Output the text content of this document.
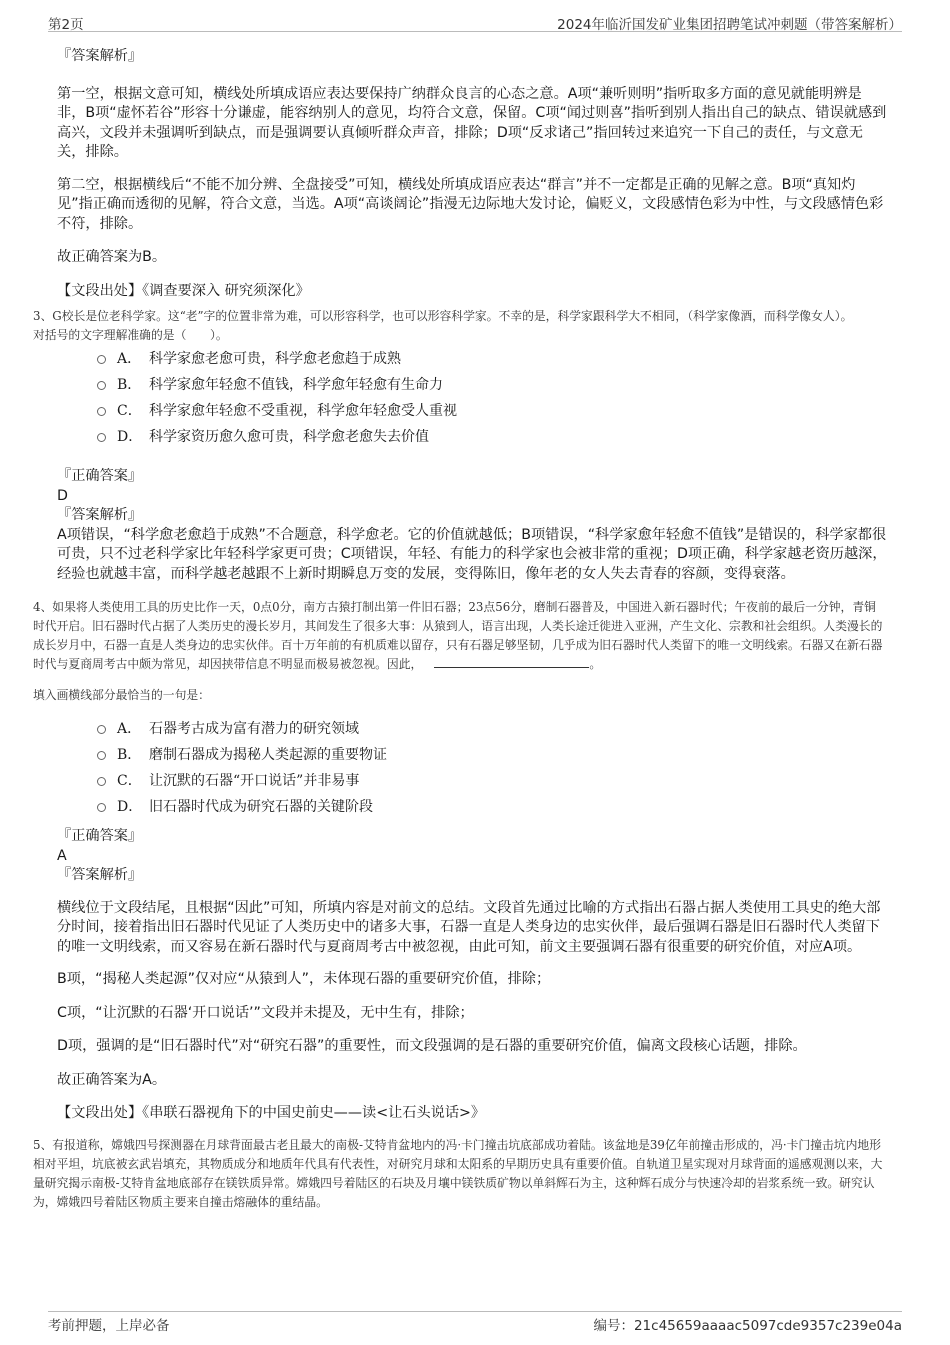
第2页	2024年临沂国发矿业集团招聘笔试冲刺题（带答案解析）

『答案解析』

第一空，根据文意可知，横线处所填成语应表达要保持广纳群众良言的心态之意。A项“兼听则明”指听取多方面的意见就能明辨是非，B项“虚怀若谷”形容十分谦虚，能容纳别人的意见，均符合文意，保留。C项“闻过则喜”指听到别人指出自己的缺点、错误就感到高兴，文段并未强调听到缺点，而是强调要认真倾听群众声音，排除；D项“反求诸己”指回转过来追究一下自己的责任，与文意无关，排除。

第二空，根据横线后“不能不加分辨、全盘接受”可知，横线处所填成语应表达“群言”并不一定都是正确的见解之意。B项“真知灼见”指正确而透彻的见解，符合文意，当选。A项“高谈阔论”指漫无边际地大发讨论，偏贬义，文段感情色彩为中性，与文段感情色彩不符，排除。

故正确答案为B。

【文段出处】《调查要深入 研究须深化》

3、G校长是位老科学家。这“老”字的位置非常为难，可以形容科学，也可以形容科学家。不幸的是，科学家跟科学大不相同，（科学家像酒，而科学像女人）。

对括号的文字理解准确的是（　　）。

A． 科学家愈老愈可贵，科学愈老愈趋于成熟
B． 科学家愈年轻愈不值钱，科学愈年轻愈有生命力
C． 科学家愈年轻愈不受重视，科学愈年轻愈受人重视
D． 科学家资历愈久愈可贵，科学愈老愈失去价值

『正确答案』

D

『答案解析』

A项错误，“科学愈老愈趋于成熟”不合题意，科学愈老。它的价值就越低；B项错误，“科学家愈年轻愈不值钱”是错误的，科学家都很可贵，只不过老科学家比年轻科学家更可贵；C项错误，年轻、有能力的科学家也会被非常的重视；D项正确，科学家越老资历越深，经验也就越丰富，而科学越老越跟不上新时期瞬息万变的发展，变得陈旧，像年老的女人失去青春的容颜，变得衰落。

4、如果将人类使用工具的历史比作一天，0点0分，南方古猿打制出第一件旧石器；23点56分，磨制石器普及，中国进入新石器时代；午夜前的最后一分钟，青铜时代开启。旧石器时代占据了人类历史的漫长岁月，其间发生了很多大事：从猿到人，语言出现，人类长途迁徙进入亚洲，产生文化、宗教和社会组织。人类漫长的成长岁月中，石器一直是人类身边的忠实伙伴。百十万年前的有机质难以留存，只有石器足够坚韧，几乎成为旧石器时代人类留下的唯一文明线索。石器又在新石器时代与夏商周考古中颇为常见，却因挟带信息不明显而极易被忽视。因此，	。

填入画横线部分最恰当的一句是：

A． 石器考古成为富有潜力的研究领域
B． 磨制石器成为揭秘人类起源的重要物证
C． 让沉默的石器“开口说话”并非易事
D． 旧石器时代成为研究石器的关键阶段

『正确答案』

A

『答案解析』

横线位于文段结尾，且根据“因此”可知，所填内容是对前文的总结。文段首先通过比喻的方式指出石器占据人类使用工具史的绝大部分时间，接着指出旧石器时代见证了人类历史中的诸多大事，石器一直是人类身边的忠实伙伴，最后强调石器是旧石器时代人类留下的唯一文明线索，而又容易在新石器时代与夏商周考古中被忽视，由此可知，前文主要强调石器有很重要的研究价值，对应A项。

B项，“揭秘人类起源”仅对应“从猿到人”，未体现石器的重要研究价值，排除；

C项，“让沉默的石器‘开口说话’”文段并未提及，无中生有，排除；

D项，强调的是“旧石器时代”对“研究石器”的重要性，而文段强调的是石器的重要研究价值，偏离文段核心话题，排除。

故正确答案为A。

【文段出处】《串联石器视角下的中国史前史——读<让石头说话>》

5、有报道称，嫦娥四号探测器在月球背面最古老且最大的南极-艾特肯盆地内的冯·卡门撞击坑底部成功着陆。该盆地是39亿年前撞击形成的，冯·卡门撞击坑内地形相对平坦，坑底被玄武岩填充，其物质成分和地质年代具有代表性，对研究月球和太阳系的早期历史具有重要价值。自轨道卫星实现对月球背面的遥感观测以来，大量研究揭示南极-艾特肯盆地底部存在镁铁质异常。嫦娥四号着陆区的石块及月壤中镁铁质矿物以单斜辉石为主，这种辉石成分与快速冷却的岩浆系统一致。研究认为，嫦娥四号着陆区物质主要来自撞击熔融体的重结晶。

考前押题，上岸必备	编号：21c45659aaaac5097cde9357c239e04a
